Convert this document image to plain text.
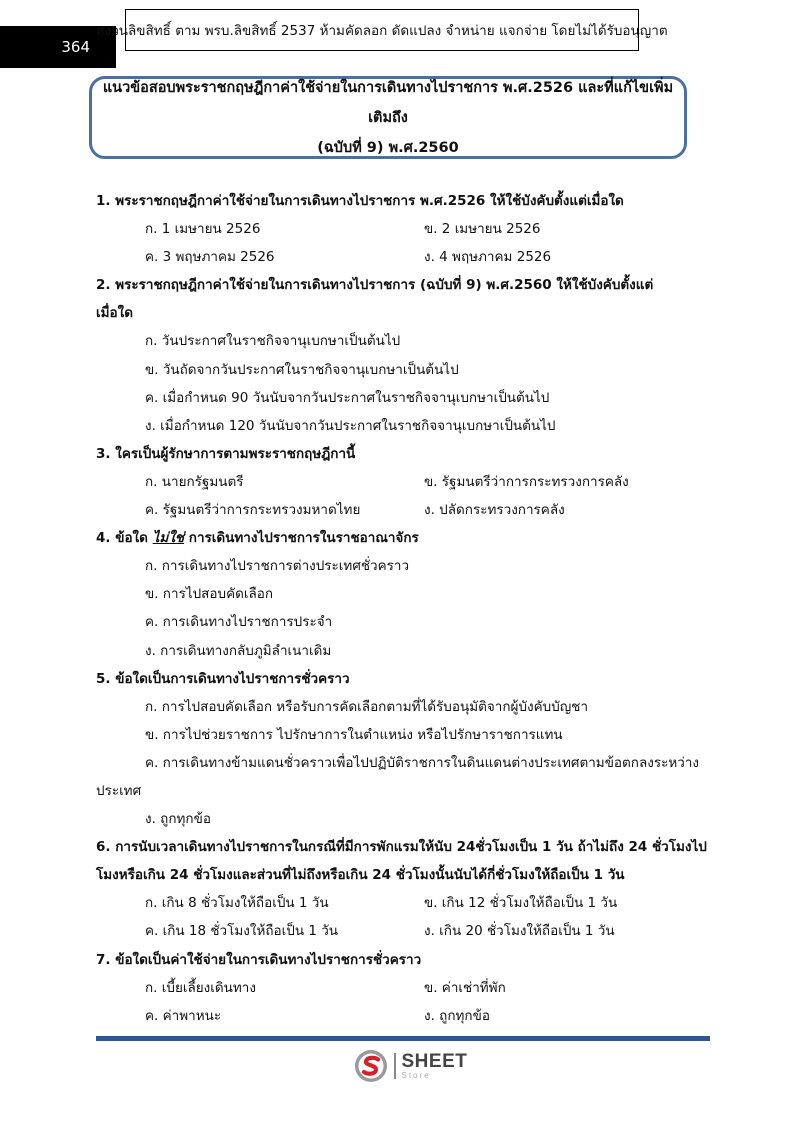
364
สงวนลิขสิทธิ์ ตาม พรบ.ลิขสิทธิ์ 2537 ห้ามคัดลอก ดัดแปลง จำหน่าย แจกจ่าย โดยไม่ได้รับอนุญาต
แนวข้อสอบพระราชกฤษฎีกาค่าใช้จ่ายในการเดินทางไปราชการ พ.ศ.2526 และที่แก้ไขเพิ่มเติมถึง
(ฉบับที่ 9) พ.ศ.2560
1. พระราชกฤษฎีกาค่าใช้จ่ายในการเดินทางไปราชการ พ.ศ.2526 ให้ใช้บังคับตั้งแต่เมื่อใด
ก. 1 เมษายน 2526	ข. 2 เมษายน 2526
ค. 3 พฤษภาคม 2526	ง. 4 พฤษภาคม 2526
2. พระราชกฤษฎีกาค่าใช้จ่ายในการเดินทางไปราชการ (ฉบับที่ 9) พ.ศ.2560 ให้ใช้บังคับตั้งแต่
เมื่อใด
ก. วันประกาศในราชกิจจานุเบกษาเป็นต้นไป
ข. วันถัดจากวันประกาศในราชกิจจานุเบกษาเป็นต้นไป
ค. เมื่อกำหนด 90 วันนับจากวันประกาศในราชกิจจานุเบกษาเป็นต้นไป
ง. เมื่อกำหนด 120 วันนับจากวันประกาศในราชกิจจานุเบกษาเป็นต้นไป
3. ใครเป็นผู้รักษาการตามพระราชกฤษฎีกานี้
ก. นายกรัฐมนตรี	ข. รัฐมนตรีว่าการกระทรวงการคลัง
ค. รัฐมนตรีว่าการกระทรวงมหาดไทย	ง. ปลัดกระทรวงการคลัง
4. ข้อใด ไม่ใช่ การเดินทางไปราชการในราชอาณาจักร
ก. การเดินทางไปราชการต่างประเทศชั่วคราว
ข. การไปสอบคัดเลือก
ค. การเดินทางไปราชการประจำ
ง. การเดินทางกลับภูมิลำเนาเดิม
5. ข้อใดเป็นการเดินทางไปราชการชั่วคราว
ก. การไปสอบคัดเลือก หรือรับการคัดเลือกตามที่ได้รับอนุมัติจากผู้บังคับบัญชา
ข. การไปช่วยราชการ ไปรักษาการในตำแหน่ง หรือไปรักษาราชการแทน
ค. การเดินทางข้ามแดนชั่วคราวเพื่อไปปฏิบัติราชการในดินแดนต่างประเทศตามข้อตกลงระหว่าง
ประเทศ
ง. ถูกทุกข้อ
6. การนับเวลาเดินทางไปราชการในกรณีที่มีการพักแรมให้นับ 24ชั่วโมงเป็น 1 วัน ถ้าไม่ถึง 24 ชั่วโมงไป
โมงหรือเกิน 24 ชั่วโมงและส่วนที่ไม่ถึงหรือเกิน 24 ชั่วโมงนั้นนับได้กี่ชั่วโมงให้ถือเป็น 1 วัน
ก. เกิน 8 ชั่วโมงให้ถือเป็น 1 วัน	ข. เกิน 12 ชั่วโมงให้ถือเป็น 1 วัน
ค. เกิน 18 ชั่วโมงให้ถือเป็น 1 วัน	ง. เกิน 20 ชั่วโมงให้ถือเป็น 1 วัน
7. ข้อใดเป็นค่าใช้จ่ายในการเดินทางไปราชการชั่วคราว
ก. เบี้ยเลี้ยงเดินทาง	ข. ค่าเช่าที่พัก
ค. ค่าพาหนะ	ง. ถูกทุกข้อ
SHEET
Store
